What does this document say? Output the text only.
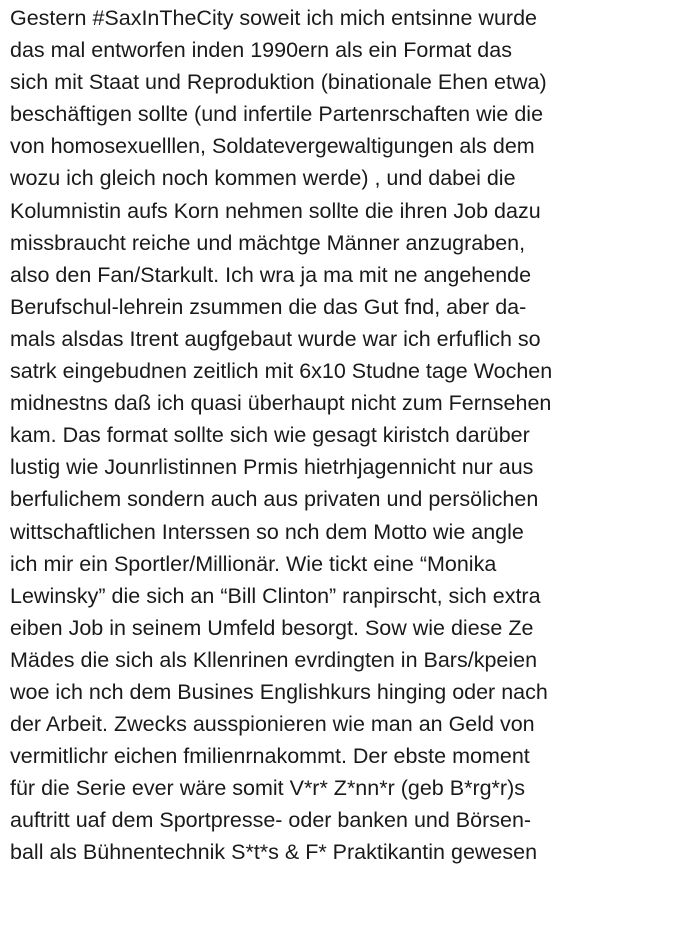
Gestern #SaxInTheCity soweit ich mich entsinne wurde
das mal entworfen inden 1990ern als ein Format das
sich mit Staat und Reproduktion (binationale Ehen etwa)
beschäftigen sollte (und infertile Partenrschaften wie die
von homosexuelllen, Soldatevergewaltigungen als dem
wozu ich gleich noch kommen werde) , und dabei die
Kolumnistin aufs Korn nehmen sollte die ihren Job dazu
missbraucht reiche und mächtge Männer anzugraben,
also den Fan/Starkult. Ich wra ja ma mit ne angehende
Berufschul-lehrein zsummen die das Gut fnd, aber da-
mals alsdas Itrent augfgebaut wurde war ich erfuflich so
satrk eingebudnen zeitlich mit 6x10 Studne tage Wochen
midnestns daß ich quasi überhaupt nicht zum Fernsehen
kam. Das format sollte sich wie gesagt kiristch darüber
lustig wie Jounrlistinnen Prmis hietrhjagennicht nur aus
berfulichem sondern auch aus privaten und persölichen
wittschaftlichen Interssen so nch dem Motto wie angle
ich mir ein Sportler/Millionär. Wie tickt eine “Monika
Lewinsky” die sich an “Bill Clinton” ranpirscht, sich extra
eiben Job in seinem Umfeld besorgt. Sow wie diese Ze
Mädes die sich als Kllenrinen evrdingten in Bars/kpeien
woe ich nch dem Busines Englishkurs hinging oder nach
der Arbeit. Zwecks ausspionieren wie man an Geld von
vermitlichr eichen fmilienrnakommt. Der ebste moment
für die Serie ever wäre somit V*r* Z*nn*r (geb B*rg*r)s
auftritt uaf dem Sportpresse- oder banken und Börsen-
ball als Bühnentechnik S*t*s & F* Praktikantin gewesen
